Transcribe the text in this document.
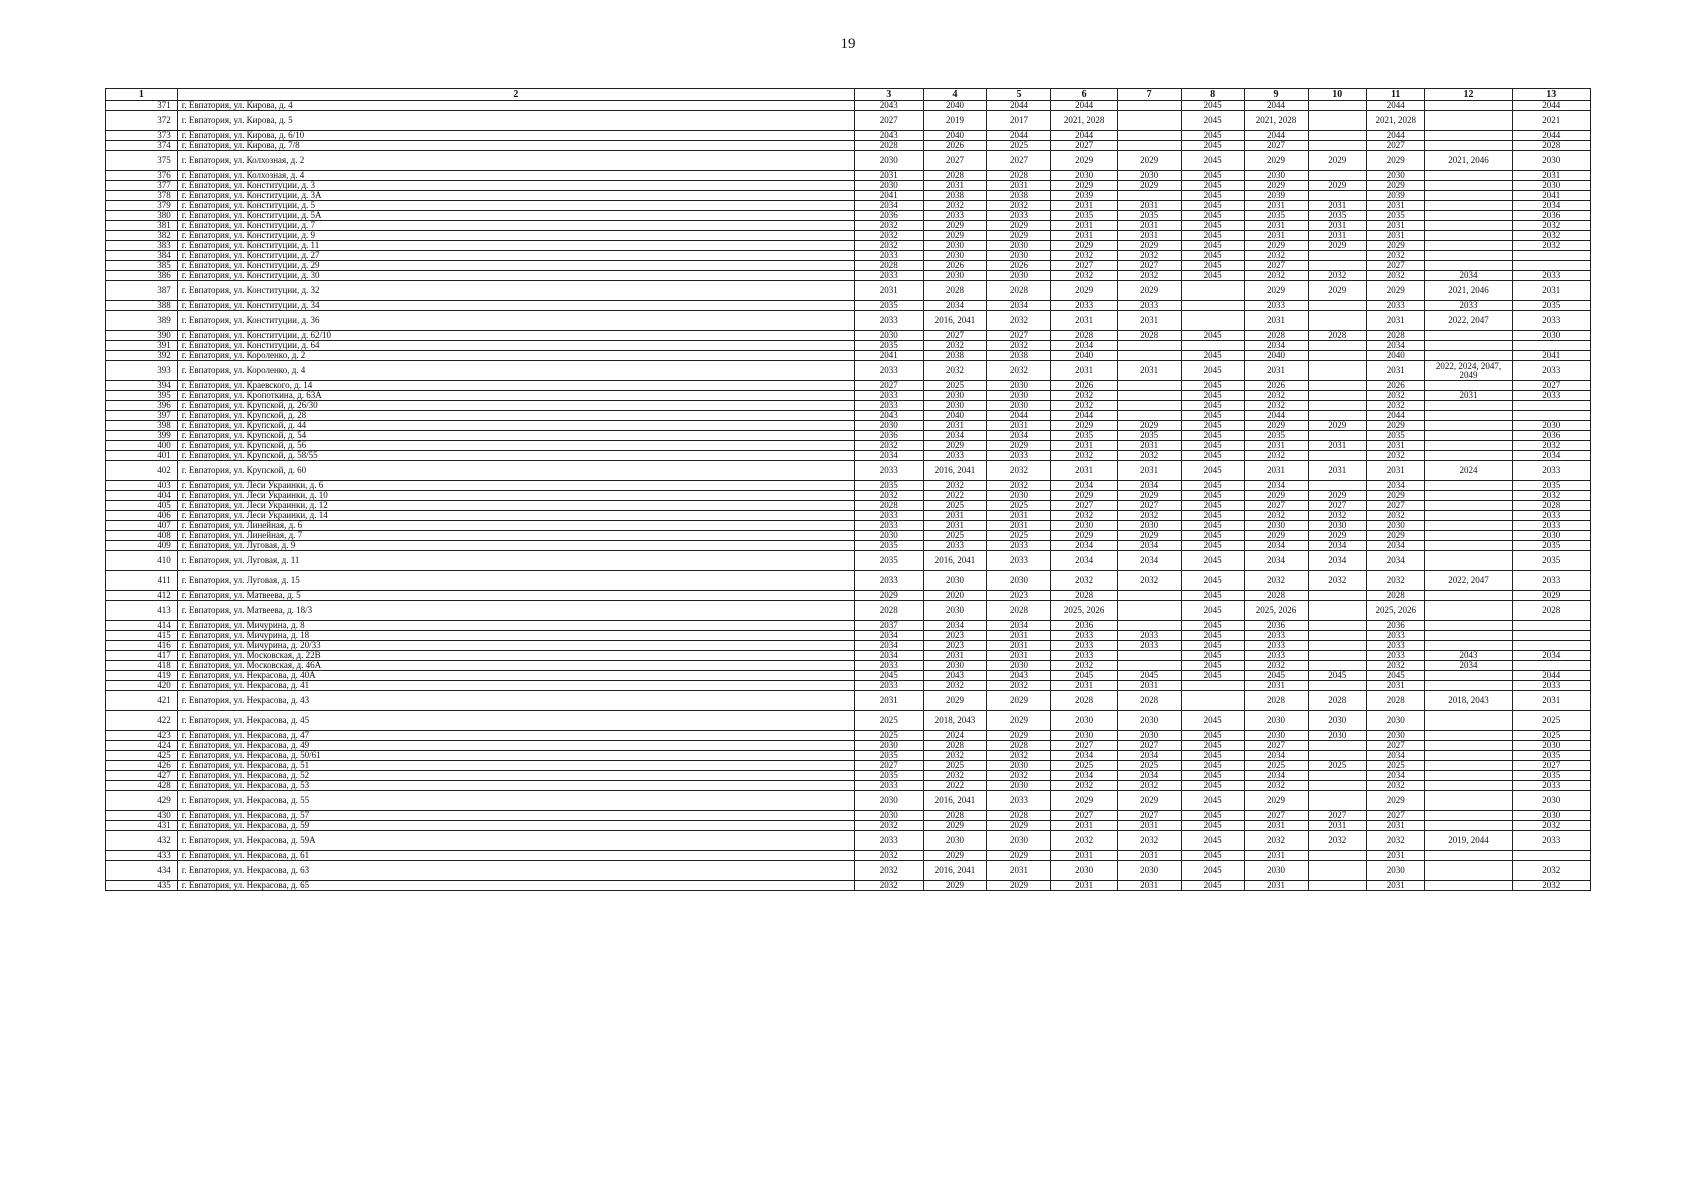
19
1	2	3	4	5	6	7	8	9	10	11	12	13
371	г. Евпатория, ул. Кирова, д. 4	2043	2040	2044	2044		2045	2044		2044		2044
372	г. Евпатория, ул. Кирова, д. 5	2027	2019	2017	2021, 2028		2045	2021, 2028		2021, 2028		2021
373	г. Евпатория, ул. Кирова, д. 6/10	2043	2040	2044	2044		2045	2044		2044		2044
374	г. Евпатория, ул. Кирова, д. 7/8	2028	2026	2025	2027		2045	2027		2027		2028
375	г. Евпатория, ул. Колхозная, д. 2	2030	2027	2027	2029	2029	2045	2029	2029	2029	2021, 2046	2030
376	г. Евпатория, ул. Колхозная, д. 4	2031	2028	2028	2030	2030	2045	2030		2030		2031
377	г. Евпатория, ул. Конституции, д. 3	2030	2031	2031	2029	2029	2045	2029	2029	2029		2030
378	г. Евпатория, ул. Конституции, д. 3А	2041	2038	2038	2039		2045	2039		2039		2041
379	г. Евпатория, ул. Конституции, д. 5	2034	2032	2032	2031	2031	2045	2031	2031	2031		2034
380	г. Евпатория, ул. Конституции, д. 5А	2036	2033	2033	2035	2035	2045	2035	2035	2035		2036
381	г. Евпатория, ул. Конституции, д. 7	2032	2029	2029	2031	2031	2045	2031	2031	2031		2032
382	г. Евпатория, ул. Конституции, д. 9	2032	2029	2029	2031	2031	2045	2031	2031	2031		2032
383	г. Евпатория, ул. Конституции, д. 11	2032	2030	2030	2029	2029	2045	2029	2029	2029		2032
384	г. Евпатория, ул. Конституции, д. 27	2033	2030	2030	2032	2032	2045	2032		2032		
385	г. Евпатория, ул. Конституции, д. 29	2028	2026	2026	2027	2027	2045	2027		2027		
386	г. Евпатория, ул. Конституции, д. 30	2033	2030	2030	2032	2032	2045	2032	2032	2032	2034	2033
387	г. Евпатория, ул. Конституции, д. 32	2031	2028	2028	2029	2029		2029	2029	2029	2021, 2046	2031
388	г. Евпатория, ул. Конституции, д. 34	2035	2034	2034	2033	2033		2033		2033	2033	2035
389	г. Евпатория, ул. Конституции, д. 36	2033	2016, 2041	2032	2031	2031		2031		2031	2022, 2047	2033
390	г. Евпатория, ул. Конституции, д. 62/10	2030	2027	2027	2028	2028	2045	2028	2028	2028		2030
391	г. Евпатория, ул. Конституции, д. 64	2035	2032	2032	2034			2034		2034		
392	г. Евпатория, ул. Короленко, д. 2	2041	2038	2038	2040		2045	2040		2040		2041
393	г. Евпатория, ул. Короленко, д. 4	2033	2032	2032	2031	2031	2045	2031		2031	2022, 2024, 2047, 2049	2033
394	г. Евпатория, ул. Краевского, д. 14	2027	2025	2030	2026		2045	2026		2026		2027
395	г. Евпатория, ул. Кропоткина, д. 63А	2033	2030	2030	2032		2045	2032		2032	2031	2033
396	г. Евпатория, ул. Крупской, д. 26/30	2033	2030	2030	2032		2045	2032		2032		
397	г. Евпатория, ул. Крупской, д. 28	2043	2040	2044	2044		2045	2044		2044		
398	г. Евпатория, ул. Крупской, д. 44	2030	2031	2031	2029	2029	2045	2029	2029	2029		2030
399	г. Евпатория, ул. Крупской, д. 54	2036	2034	2034	2035	2035	2045	2035		2035		2036
400	г. Евпатория, ул. Крупской, д. 56	2032	2029	2029	2031	2031	2045	2031	2031	2031		2032
401	г. Евпатория, ул. Крупской, д. 58/55	2034	2033	2033	2032	2032	2045	2032		2032		2034
402	г. Евпатория, ул. Крупской, д. 60	2033	2016, 2041	2032	2031	2031	2045	2031	2031	2031	2024	2033
403	г. Евпатория, ул. Леси Украинки, д. 6	2035	2032	2032	2034	2034	2045	2034		2034		2035
404	г. Евпатория, ул. Леси Украинки, д. 10	2032	2022	2030	2029	2029	2045	2029	2029	2029		2032
405	г. Евпатория, ул. Леси Украинки, д. 12	2028	2025	2025	2027	2027	2045	2027	2027	2027		2028
406	г. Евпатория, ул. Леси Украинки, д. 14	2033	2031	2031	2032	2032	2045	2032	2032	2032		2033
407	г. Евпатория, ул. Линейная, д. 6	2033	2031	2031	2030	2030	2045	2030	2030	2030		2033
408	г. Евпатория, ул. Линейная, д. 7	2030	2025	2025	2029	2029	2045	2029	2029	2029		2030
409	г. Евпатория, ул. Луговая, д. 9	2035	2033	2033	2034	2034	2045	2034	2034	2034		2035
410	г. Евпатория, ул. Луговая, д. 11	2035	2016, 2041	2033	2034	2034	2045	2034	2034	2034		2035
411	г. Евпатория, ул. Луговая, д. 15	2033	2030	2030	2032	2032	2045	2032	2032	2032	2022, 2047	2033
412	г. Евпатория, ул. Матвеева, д. 5	2029	2020	2023	2028		2045	2028		2028		2029
413	г. Евпатория, ул. Матвеева, д. 18/3	2028	2030	2028	2025, 2026		2045	2025, 2026		2025, 2026		2028
414	г. Евпатория, ул. Мичурина, д. 8	2037	2034	2034	2036		2045	2036		2036		
415	г. Евпатория, ул. Мичурина, д. 18	2034	2023	2031	2033	2033	2045	2033		2033		
416	г. Евпатория, ул. Мичурина, д. 20/33	2034	2023	2031	2033	2033	2045	2033		2033		
417	г. Евпатория, ул. Московская, д. 22В	2034	2031	2031	2033		2045	2033		2033	2043	2034
418	г. Евпатория, ул. Московская, д. 46А	2033	2030	2030	2032		2045	2032		2032	2034	
419	г. Евпатория, ул. Некрасова, д. 40А	2045	2043	2043	2045	2045	2045	2045	2045	2045		2044
420	г. Евпатория, ул. Некрасова, д. 41	2033	2032	2032	2031	2031		2031		2031		2033
421	г. Евпатория, ул. Некрасова, д. 43	2031	2029	2029	2028	2028		2028	2028	2028	2018, 2043	2031
422	г. Евпатория, ул. Некрасова, д. 45	2025	2018, 2043	2029	2030	2030	2045	2030	2030	2030		2025
423	г. Евпатория, ул. Некрасова, д. 47	2025	2024	2029	2030	2030	2045	2030	2030	2030		2025
424	г. Евпатория, ул. Некрасова, д. 49	2030	2028	2028	2027	2027	2045	2027		2027		2030
425	г. Евпатория, ул. Некрасова, д. 50/61	2035	2032	2032	2034	2034	2045	2034		2034		2035
426	г. Евпатория, ул. Некрасова, д. 51	2027	2025	2030	2025	2025	2045	2025	2025	2025		2027
427	г. Евпатория, ул. Некрасова, д. 52	2035	2032	2032	2034	2034	2045	2034		2034		2035
428	г. Евпатория, ул. Некрасова, д. 53	2033	2022	2030	2032	2032	2045	2032		2032		2033
429	г. Евпатория, ул. Некрасова, д. 55	2030	2016, 2041	2033	2029	2029	2045	2029		2029		2030
430	г. Евпатория, ул. Некрасова, д. 57	2030	2028	2028	2027	2027	2045	2027	2027	2027		2030
431	г. Евпатория, ул. Некрасова, д. 59	2032	2029	2029	2031	2031	2045	2031	2031	2031		2032
432	г. Евпатория, ул. Некрасова, д. 59А	2033	2030	2030	2032	2032	2045	2032	2032	2032	2019, 2044	2033
433	г. Евпатория, ул. Некрасова, д. 61	2032	2029	2029	2031	2031	2045	2031		2031		
434	г. Евпатория, ул. Некрасова, д. 63	2032	2016, 2041	2031	2030	2030	2045	2030		2030		2032
435	г. Евпатория, ул. Некрасова, д. 65	2032	2029	2029	2031	2031	2045	2031		2031		2032
